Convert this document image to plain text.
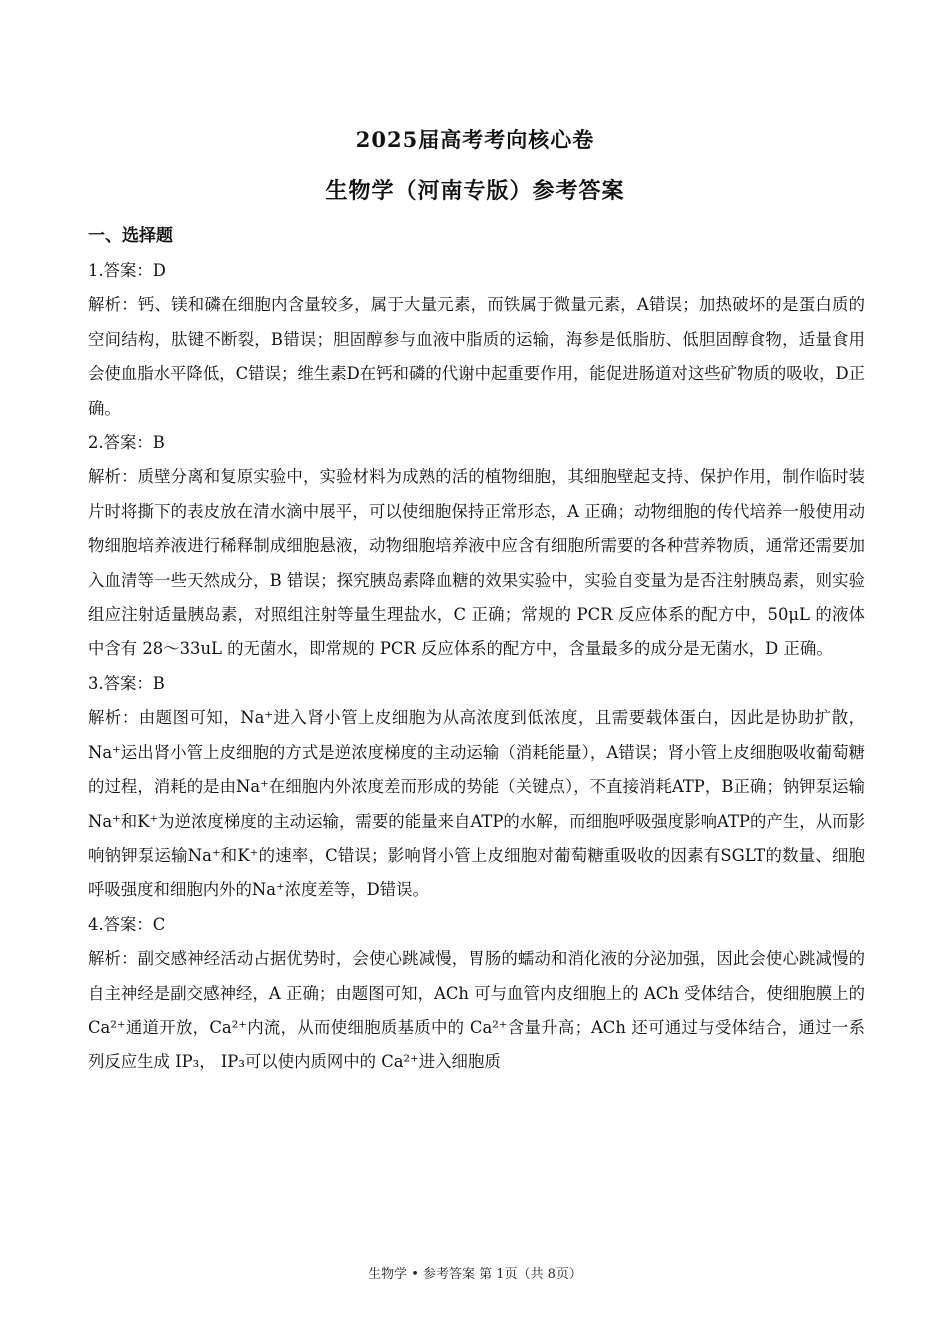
2025届高考考向核心卷
生物学（河南专版）参考答案
一、选择题

1.答案：D

解析：钙、镁和磷在细胞内含量较多，属于大量元素，而铁属于微量元素，A错误；加热破坏的是蛋白质的空间结构，肽键不断裂，B错误；胆固醇参与血液中脂质的运输，海参是低脂肪、低胆固醇食物，适量食用会使血脂水平降低，C错误；维生素D在钙和磷的代谢中起重要作用，能促进肠道对这些矿物质的吸收，D正确。

2.答案：B

解析：质壁分离和复原实验中，实验材料为成熟的活的植物细胞，其细胞壁起支持、保护作用，制作临时装片时将撕下的表皮放在清水滴中展平，可以使细胞保持正常形态，A 正确；动物细胞的传代培养一般使用动物细胞培养液进行稀释制成细胞悬液，动物细胞培养液中应含有细胞所需要的各种营养物质，通常还需要加入血清等一些天然成分，B 错误；探究胰岛素降血糖的效果实验中，实验自变量为是否注射胰岛素，则实验组应注射适量胰岛素，对照组注射等量生理盐水，C 正确；常规的 PCR 反应体系的配方中，50μL 的液体中含有 28～33uL 的无菌水，即常规的 PCR 反应体系的配方中，含量最多的成分是无菌水，D 正确。

3.答案：B

解析：由题图可知，Na⁺进入肾小管上皮细胞为从高浓度到低浓度，且需要载体蛋白，因此是协助扩散，Na⁺运出肾小管上皮细胞的方式是逆浓度梯度的主动运输（消耗能量），A错误；肾小管上皮细胞吸收葡萄糖的过程，消耗的是由Na⁺在细胞内外浓度差而形成的势能（关键点），不直接消耗ATP，B正确；钠钾泵运输Na⁺和K⁺为逆浓度梯度的主动运输，需要的能量来自ATP的水解，而细胞呼吸强度影响ATP的产生，从而影响钠钾泵运输Na⁺和K⁺的速率，C错误；影响肾小管上皮细胞对葡萄糖重吸收的因素有SGLT的数量、细胞呼吸强度和细胞内外的Na⁺浓度差等，D错误。

4.答案：C

解析：副交感神经活动占据优势时，会使心跳减慢，胃肠的蠕动和消化液的分泌加强，因此会使心跳减慢的自主神经是副交感神经，A 正确；由题图可知，ACh 可与血管内皮细胞上的 ACh 受体结合，使细胞膜上的 Ca²⁺通道开放，Ca²⁺内流，从而使细胞质基质中的 Ca²⁺含量升高；ACh 还可通过与受体结合，通过一系列反应生成 IP₃， IP₃可以使内质网中的 Ca²⁺进入细胞质

生物学 • 参考答案 第 1页（共 8页）
